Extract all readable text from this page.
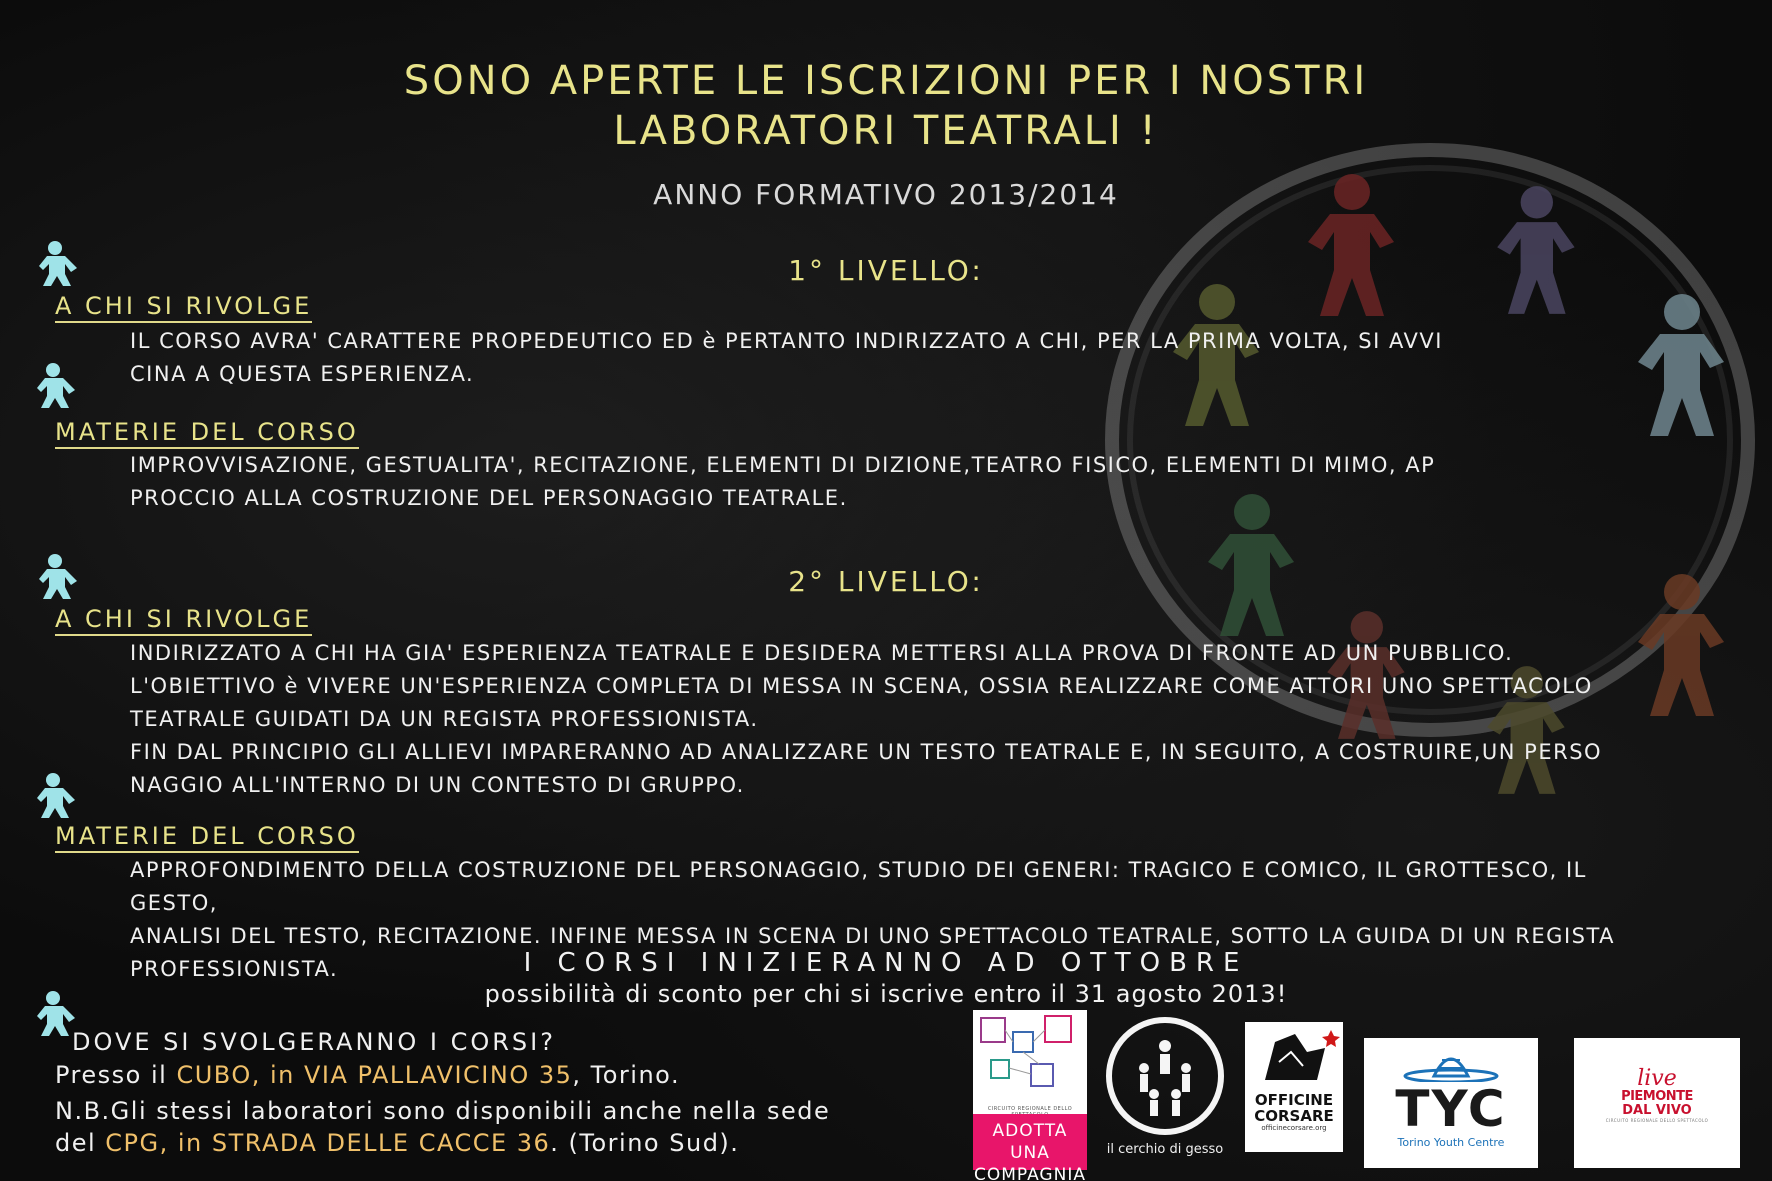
SONO APERTE LE ISCRIZIONI PER I NOSTRI
LABORATORI TEATRALI !
ANNO FORMATIVO 2013/2014
1° LIVELLO:
A CHI SI RIVOLGE

IL CORSO AVRA' CARATTERE PROPEDEUTICO ED è PERTANTO INDIRIZZATO A CHI, PER LA PRIMA VOLTA, SI AVVI

CINA A QUESTA ESPERIENZA.

MATERIE DEL CORSO

IMPROVVISAZIONE, GESTUALITA', RECITAZIONE, ELEMENTI DI DIZIONE,TEATRO FISICO, ELEMENTI DI MIMO, AP

PROCCIO ALLA COSTRUZIONE DEL PERSONAGGIO TEATRALE.

2° LIVELLO:
A CHI SI RIVOLGE

INDIRIZZATO A CHI HA GIA' ESPERIENZA TEATRALE E DESIDERA METTERSI ALLA PROVA DI FRONTE AD UN PUBBLICO.

L'OBIETTIVO è VIVERE UN'ESPERIENZA COMPLETA DI MESSA IN SCENA, OSSIA REALIZZARE COME ATTORI UNO SPETTACOLO

TEATRALE GUIDATI DA UN REGISTA PROFESSIONISTA.

FIN DAL PRINCIPIO GLI ALLIEVI IMPARERANNO AD ANALIZZARE UN TESTO TEATRALE E, IN SEGUITO, A COSTRUIRE,UN PERSO

NAGGIO ALL'INTERNO DI UN CONTESTO DI GRUPPO.

MATERIE DEL CORSO

APPROFONDIMENTO DELLA COSTRUZIONE DEL PERSONAGGIO, STUDIO DEI GENERI: TRAGICO E COMICO, IL GROTTESCO, IL GESTO,

ANALISI DEL TESTO, RECITAZIONE. INFINE MESSA IN SCENA DI UNO SPETTACOLO TEATRALE, SOTTO LA GUIDA DI UN REGISTA

PROFESSIONISTA.	I CORSI INIZIERANNO AD OTTOBRE
possibilità di sconto per chi si iscrive entro il 31 agosto 2013!
DOVE SI SVOLGERANNO I CORSI?
Presso il CUBO, in VIA PALLAVICINO 35, Torino.
N.B.Gli stessi laboratori sono disponibili anche nella sede
del CPG, in STRADA DELLE CACCE 36. (Torino Sud).
CIRCUITO REGIONALE DELLO
ADOTTA UNA COMPAGNIA
il cerchio di gesso
OFFICINE
CORSARE
officinecorsare.org	TYC
Torino Youth Centre
live
PIEMONTE
DAL VIVO
CIRCUITO REGIONALE DELLO SPETTACOLO
